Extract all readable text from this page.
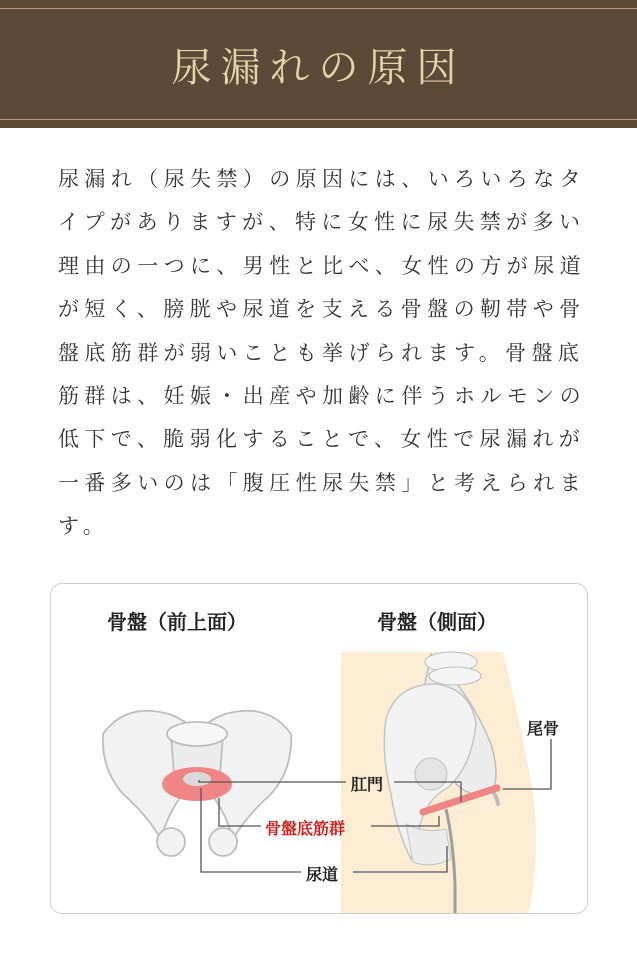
尿漏れの原因

尿漏れ（尿失禁）の原因には、いろいろなタイプがありますが、特に女性に尿失禁が多い理由の一つに、男性と比べ、女性の方が尿道が短く、膀胱や尿道を支える骨盤の靭帯や骨盤底筋群が弱いことも挙げられます。骨盤底筋群は、妊娠・出産や加齢に伴うホルモンの低下で、脆弱化することで、女性で尿漏れが一番多いのは「腹圧性尿失禁」と考えられます。

骨盤（前上面）	骨盤（側面）
尾骨
肛門
骨盤底筋群
尿道
